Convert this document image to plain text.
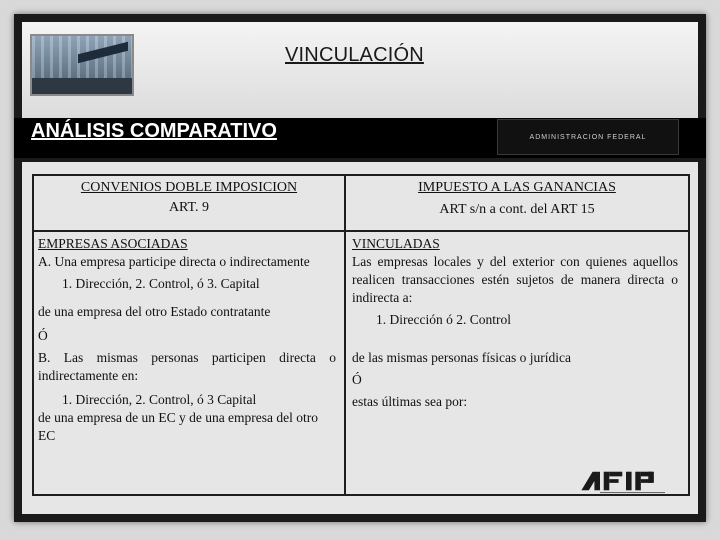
VINCULACIÓN
ANÁLISIS COMPARATIVO	ADMINISTRACION FEDERAL
CONVENIOS DOBLE IMPOSICION
ART. 9
IMPUESTO A LAS GANANCIAS
ART s/n a cont. del ART 15
EMPRESAS ASOCIADAS
A. Una empresa participe directa o indirectamente
1. Dirección, 2. Control, ó 3. Capital
de una empresa del otro Estado contratante
Ó
B. Las mismas personas participen directa o indirectamente en:
1. Dirección, 2. Control, ó 3 Capital
de una empresa de un EC y de una empresa del otro EC
VINCULADAS
Las empresas locales y del exterior con quienes aquellos realicen transacciones estén sujetos de manera directa o indirecta a:
1. Dirección ó 2. Control
de las mismas personas físicas o jurídica
Ó
estas últimas sea por:
